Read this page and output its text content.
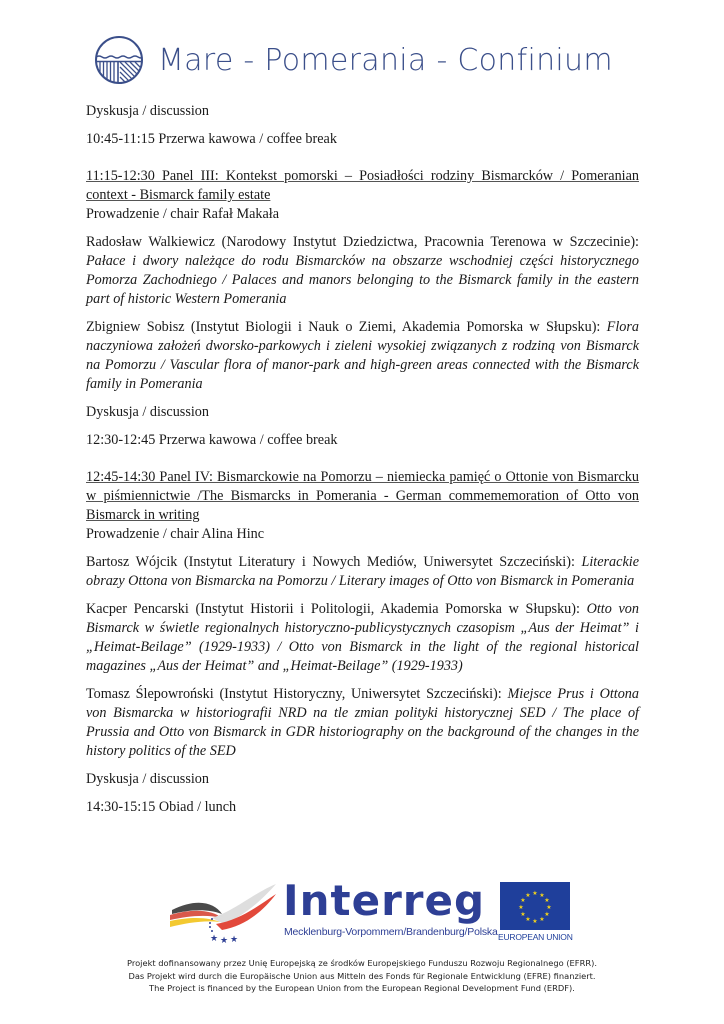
Mare - Pomerania - Confinium

Dyskusja / discussion

10:45-11:15 Przerwa kawowa / coffee break

11:15-12:30 Panel III: Kontekst pomorski – Posiadłości rodziny Bismarcków / Pomeranian context - Bismarck family estate

Prowadzenie / chair Rafał Makała

Radosław Walkiewicz (Narodowy Instytut Dziedzictwa, Pracownia Terenowa w Szczecinie): Pałace i dwory należące do rodu Bismarcków na obszarze wschodniej części historycznego Pomorza Zachodniego / Palaces and manors belonging to the Bismarck family in the eastern part of historic Western Pomerania

Zbigniew Sobisz (Instytut Biologii i Nauk o Ziemi, Akademia Pomorska w Słupsku): Flora naczyniowa założeń dworsko-parkowych i zieleni wysokiej związanych z rodziną von Bismarck na Pomorzu / Vascular flora of manor-park and high-green areas connected with the Bismarck family in Pomerania

Dyskusja / discussion

12:30-12:45 Przerwa kawowa / coffee break

12:45-14:30 Panel IV: Bismarckowie na Pomorzu – niemiecka pamięć o Ottonie von Bismarcku w piśmiennictwie /The Bismarcks in Pomerania - German commememoration of Otto von Bismarck in writing

Prowadzenie / chair Alina Hinc

Bartosz Wójcik (Instytut Literatury i Nowych Mediów, Uniwersytet Szczeciński): Literackie obrazy Ottona von Bismarcka na Pomorzu / Literary images of Otto von Bismarck in Pomerania

Kacper Pencarski (Instytut Historii i Politologii, Akademia Pomorska w Słupsku): Otto von Bismarck w świetle regionalnych historyczno-publicystycznych czasopism „Aus der Heimat” i „Heimat-Beilage” (1929-1933) / Otto von Bismarck in the light of the regional historical magazines „Aus der Heimat” and „Heimat-Beilage” (1929-1933)

Tomasz Ślepowroński (Instytut Historyczny, Uniwersytet Szczeciński): Miejsce Prus i Ottona von Bismarcka w historiografii NRD na tle zmian polityki historycznej SED / The place of Prussia and Otto von Bismarck in GDR historiography on the background of the changes in the history politics of the SED

Dyskusja / discussion

14:30-15:15 Obiad / lunch

★ ★ ★
Interreg
Mecklenburg-Vorpommern/Brandenburg/Polska
★ ★
★
★
★
★
★
★
★
★
★
★
EUROPEAN UNION
Projekt dofinansowany przez Unię Europejską ze środków Europejskiego Funduszu Rozwoju Regionalnego (EFRR).
Das Projekt wird durch die Europäische Union aus Mitteln des Fonds für Regionale Entwicklung (EFRE) finanziert.
The Project is financed by the European Union from the European Regional Development Fund (ERDF).
